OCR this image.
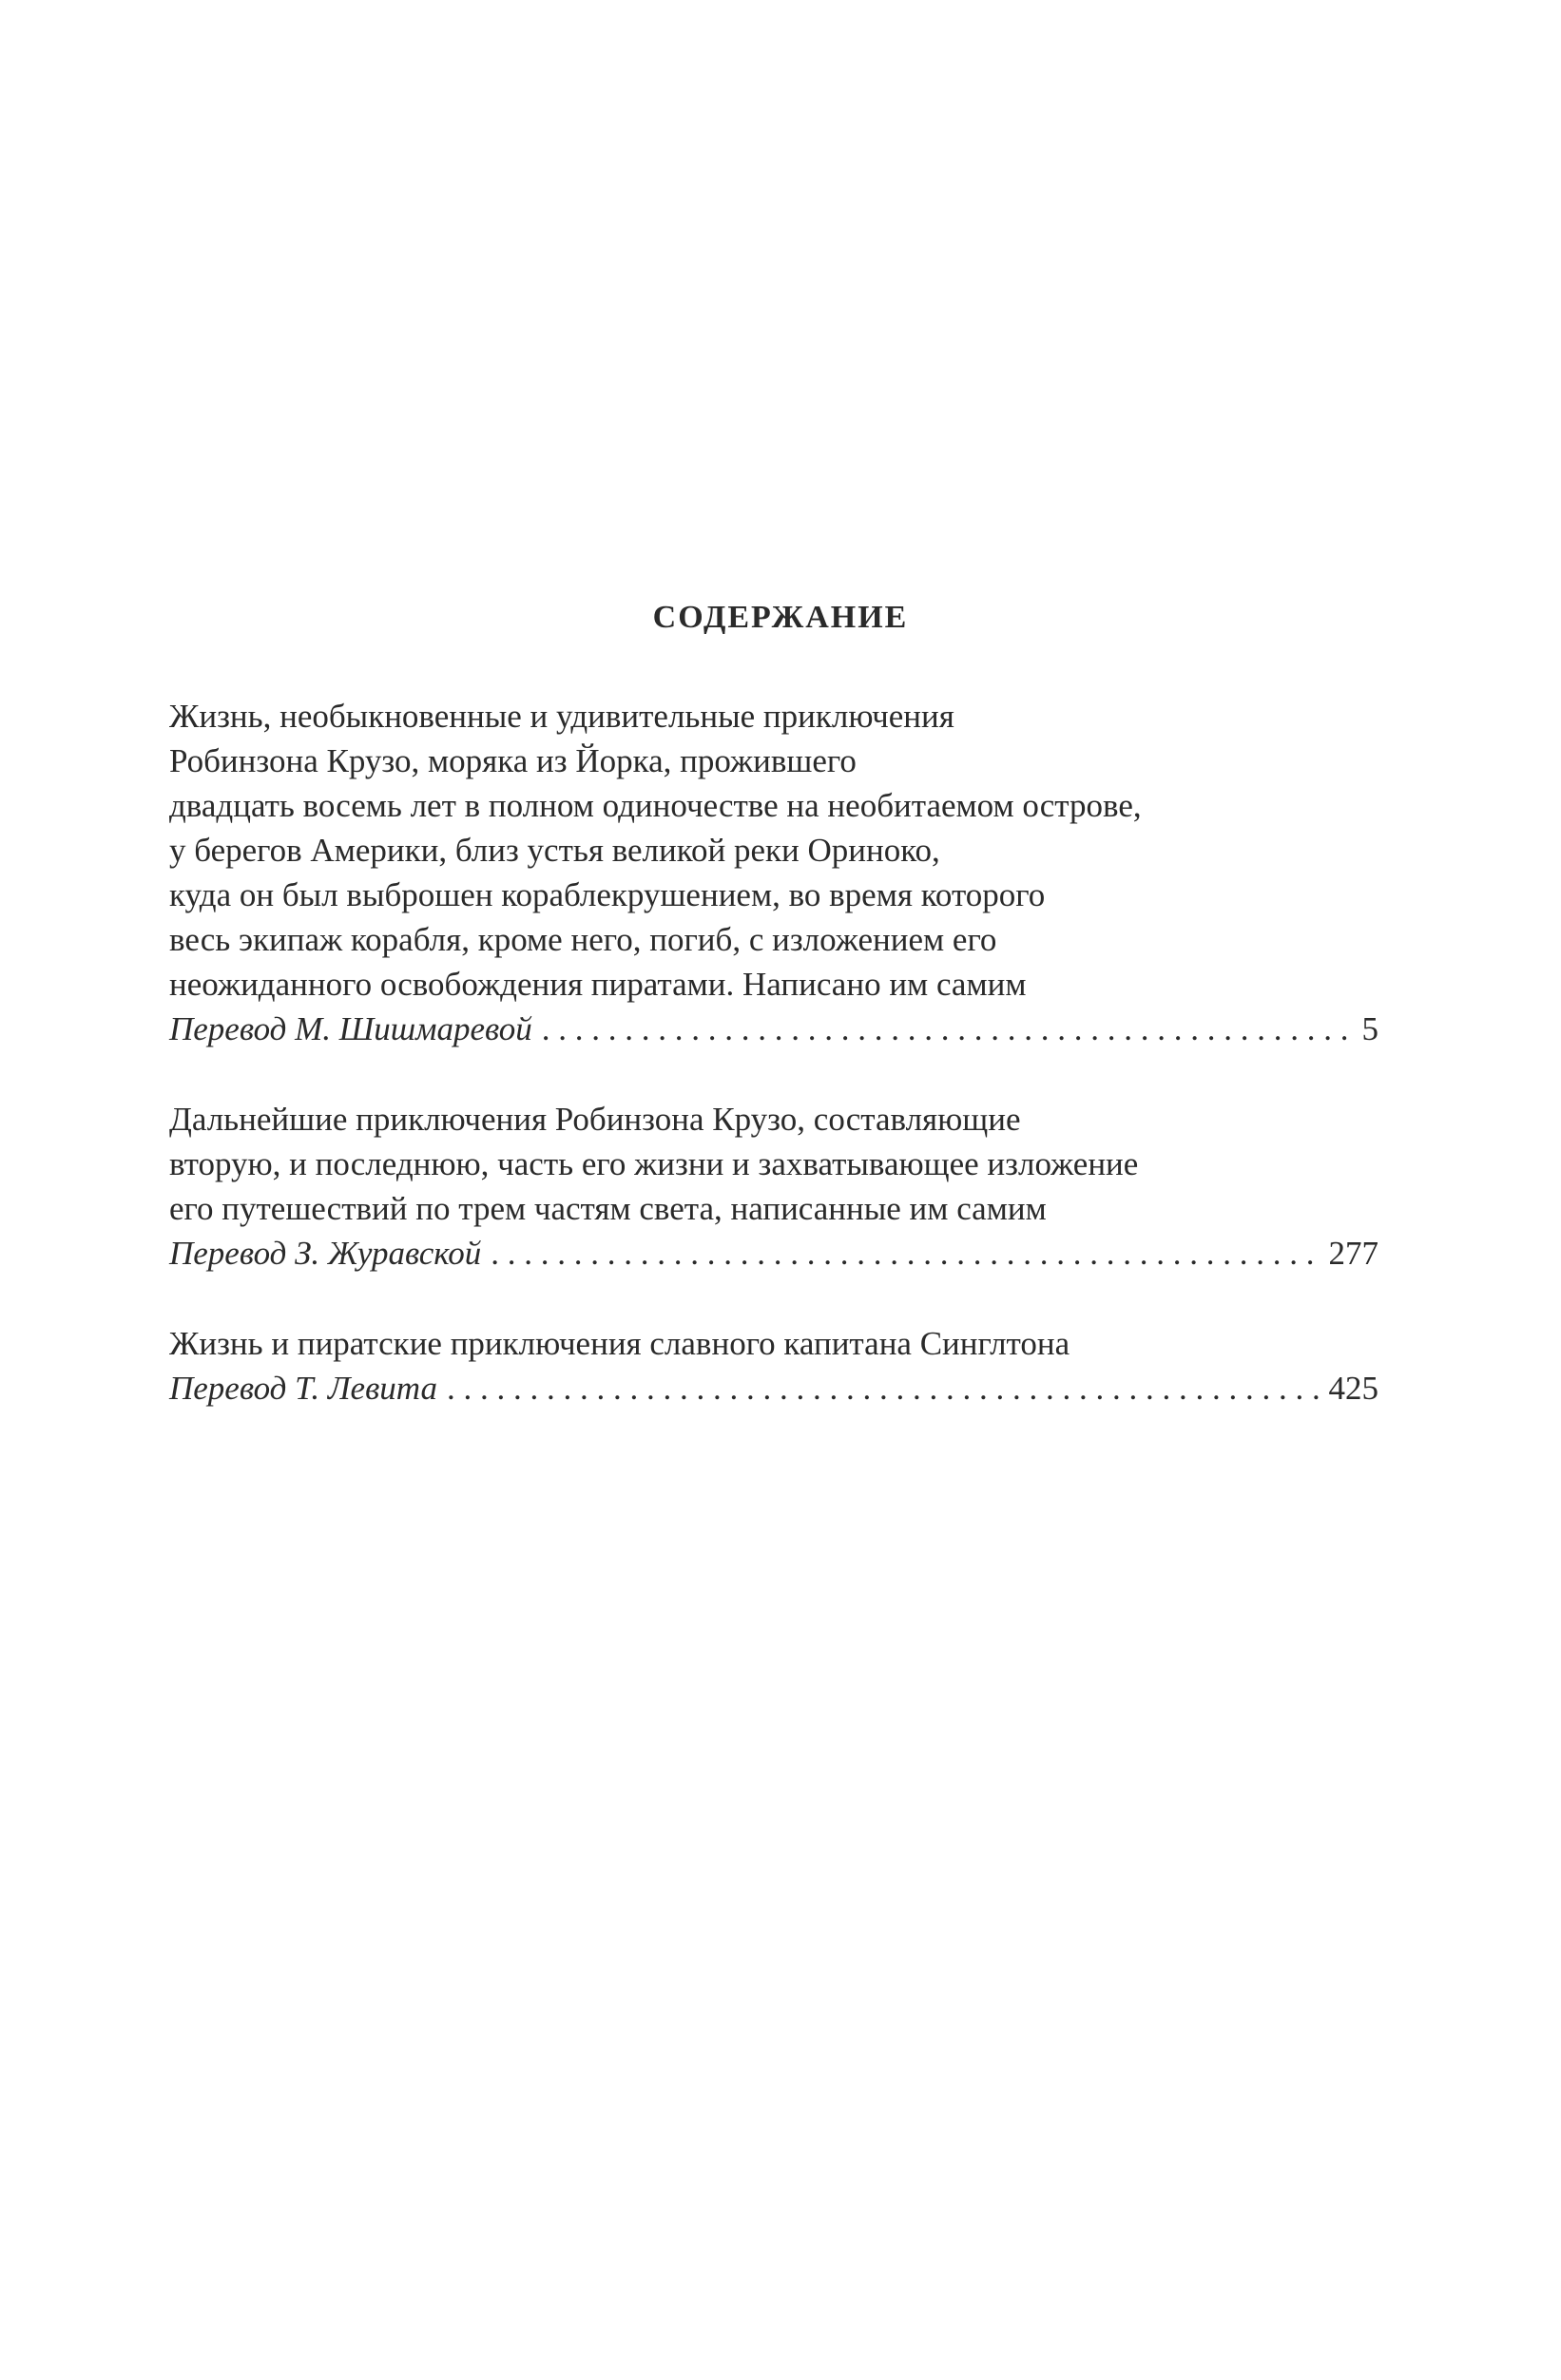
СОДЕРЖАНИЕ
Жизнь, необыкновенные и удивительные приключения
Робинзона Крузо, моряка из Йорка, прожившего
двадцать восемь лет в полном одиночестве на необитаемом острове,
у берегов Америки, близ устья великой реки Ориноко,
куда он был выброшен кораблекрушением, во время которого
весь экипаж корабля, кроме него, погиб, с изложением его
неожиданного освобождения пиратами. Написано им самим
Перевод М. Шишмаревой . . .	5
Дальнейшие приключения Робинзона Крузо, составляющие
вторую, и последнюю, часть его жизни и захватывающее изложение
его путешествий по трем частям света, написанные им самим
Перевод З. Журавской . . .	277
Жизнь и пиратские приключения славного капитана Синглтона
Перевод Т. Левита . . .	425
